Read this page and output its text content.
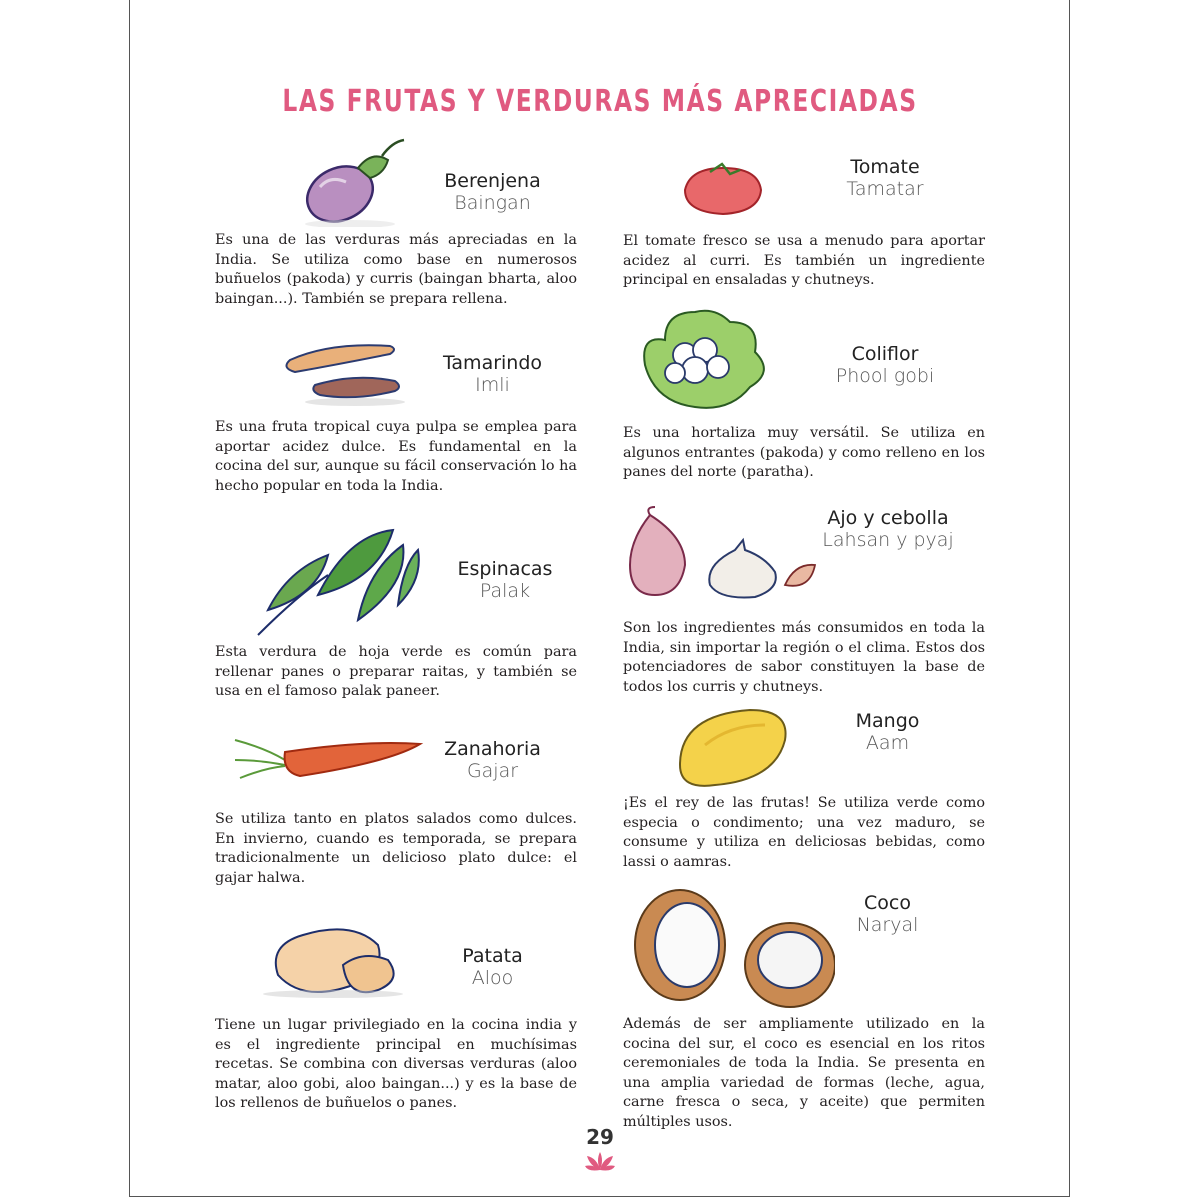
LAS FRUTAS Y VERDURAS MÁS APRECIADAS
Berenjena
Baingan
Es una de las verduras más apreciadas en la India. Se utiliza como base en numerosos buñuelos (pakoda) y curris (baingan bharta, aloo baingan...). También se prepara rellena.
Tamarindo
Imli
Es una fruta tropical cuya pulpa se emplea para aportar acidez dulce. Es fundamental en la cocina del sur, aunque su fácil conservación lo ha hecho popular en toda la India.
Espinacas
Palak
Esta verdura de hoja verde es común para rellenar panes o preparar raitas, y también se usa en el famoso palak paneer.
Zanahoria
Gajar
Se utiliza tanto en platos salados como dulces. En invierno, cuando es temporada, se prepara tradicionalmente un delicioso plato dulce: el gajar halwa.
Patata
Aloo
Tiene un lugar privilegiado en la cocina india y es el ingrediente principal en muchísimas recetas. Se combina con diversas verduras (aloo matar, aloo gobi, aloo baingan...) y es la base de los rellenos de buñuelos o panes.
Tomate
Tamatar
El tomate fresco se usa a menudo para aportar acidez al curri. Es también un ingrediente principal en ensaladas y chutneys.
Coliflor
Phool gobi
Es una hortaliza muy versátil. Se utiliza en algunos entrantes (pakoda) y como relleno en los panes del norte (paratha).
Ajo y cebolla
Lahsan y pyaj
Son los ingredientes más consumidos en toda la India, sin importar la región o el clima. Estos dos potenciadores de sabor constituyen la base de todos los curris y chutneys.
Mango
Aam
¡Es el rey de las frutas! Se utiliza verde como especia o condimento; una vez maduro, se consume y utiliza en deliciosas bebidas, como lassi o aamras.
Coco
Naryal
Además de ser ampliamente utilizado en la cocina del sur, el coco es esencial en los ritos ceremoniales de toda la India. Se presenta en una amplia variedad de formas (leche, agua, carne fresca o seca, y aceite) que permiten múltiples usos.
29
